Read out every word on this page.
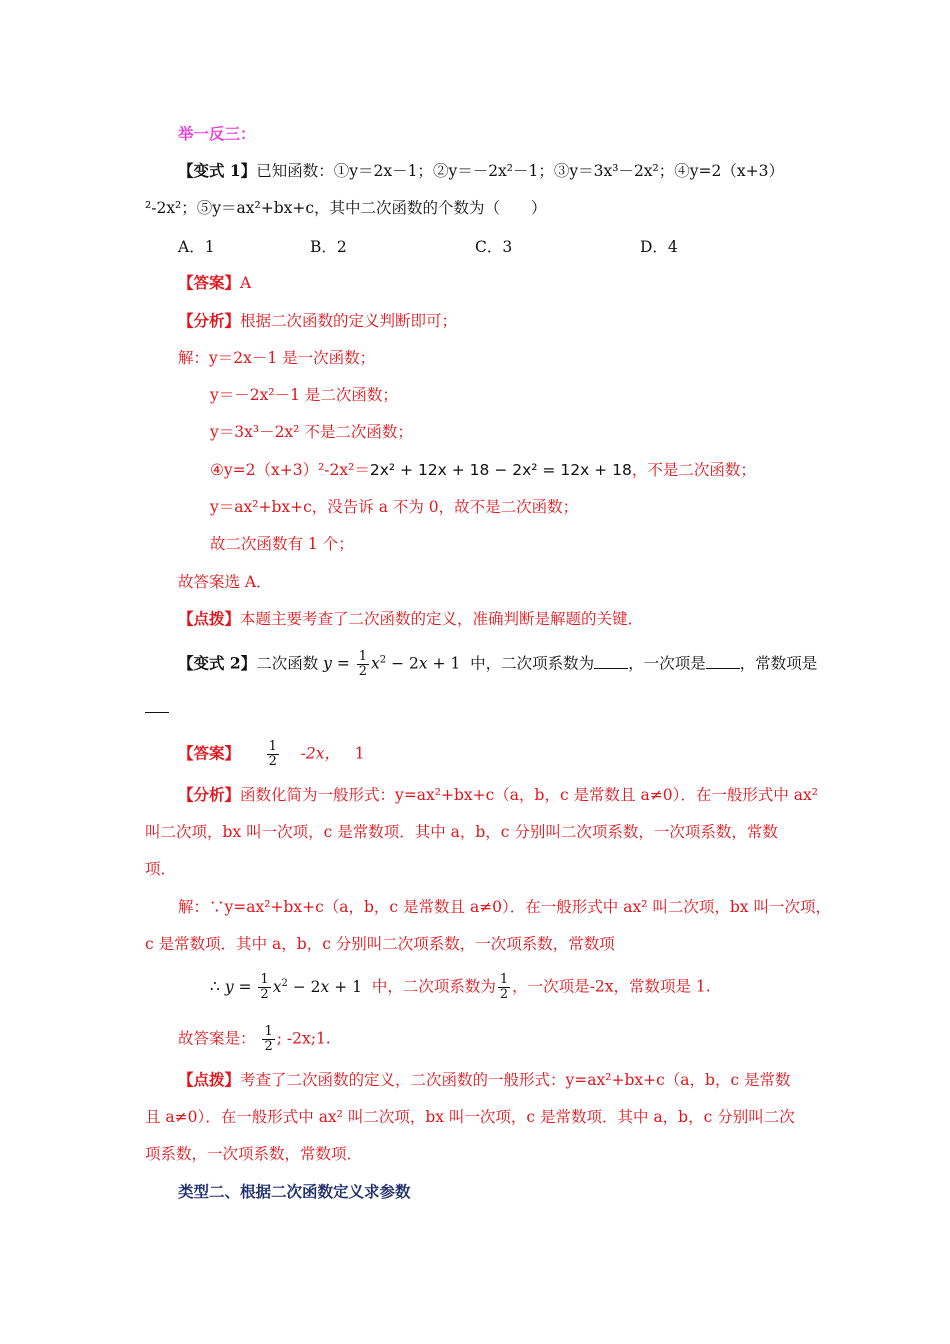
举一反三：
【变式 1】已知函数：①y＝2x－1；②y＝－2x²－1；③y＝3x³－2x²；④y=2（x+3）
²-2x²；⑤y＝ax²+bx+c，其中二次函数的个数为（　　）
A．1	B．2	C．3	D．4
【答案】A
【分析】根据二次函数的定义判断即可；
解：y＝2x－1 是一次函数；
y＝－2x²－1 是二次函数；
y＝3x³－2x² 不是二次函数；
④y=2（x+3）²-2x²＝2x² + 12x + 18 − 2x² = 12x + 18，不是二次函数；
y＝ax²+bx+c，没告诉 a 不为 0，故不是二次函数；
故二次函数有 1 个；
故答案选 A．
【点拨】本题主要考查了二次函数的定义，准确判断是解题的关键．
【变式 2】二次函数 $y = \frac{1}{2} x^2 - 2x + 1$  中，二次项系数为 ，一次项是 ，常数项是
【答案】 $\frac{1}{2} -2x$， 1
【分析】函数化简为一般形式：y=ax²+bx+c（a，b，c 是常数且 a≠0）．在一般形式中 ax²
叫二次项，bx 叫一次项，c 是常数项．其中 a，b，c 分别叫二次项系数，一次项系数，常数
项．
解：∵y=ax²+bx+c（a，b，c 是常数且 a≠0）．在一般形式中 ax² 叫二次项，bx 叫一次项，
c 是常数项．其中 a，b，c 分别叫二次项系数，一次项系数，常数项
∴ $y = \frac{1}{2} x^2 - 2x + 1$ 中，二次项系数为 $\frac{1}{2}$ ，一次项是-2x，常数项是 1.
故答案是： $\frac{1}{2}$ ; -2x;1.
【点拨】考查了二次函数的定义，二次函数的一般形式：y=ax²+bx+c（a，b，c 是常数
且 a≠0）．在一般形式中 ax² 叫二次项，bx 叫一次项，c 是常数项．其中 a，b，c 分别叫二次
项系数，一次项系数，常数项．
类型二、根据二次函数定义求参数
